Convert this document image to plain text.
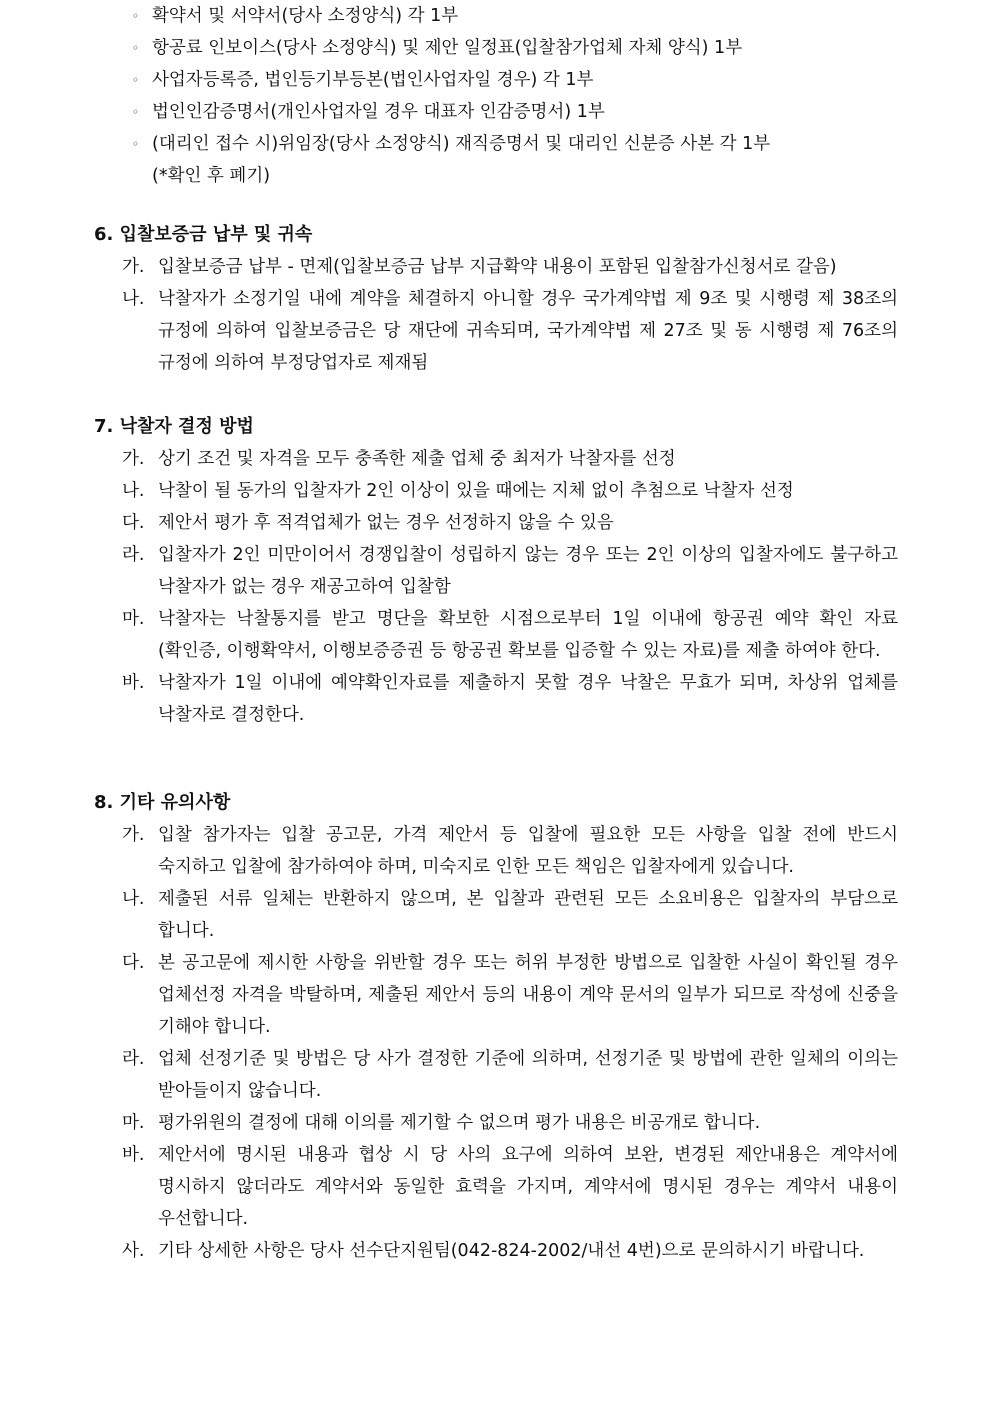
◦ 확약서 및 서약서(당사 소정양식) 각 1부
◦ 항공료 인보이스(당사 소정양식) 및 제안 일정표(입찰참가업체 자체 양식) 1부
◦ 사업자등록증, 법인등기부등본(법인사업자일 경우) 각 1부
◦ 법인인감증명서(개인사업자일 경우 대표자 인감증명서) 1부
◦ (대리인 접수 시)위임장(당사 소정양식) 재직증명서 및 대리인 신분증 사본 각 1부
(*확인 후 폐기)
6. 입찰보증금 납부 및 귀속
가. 입찰보증금 납부 - 면제(입찰보증금 납부 지급확약 내용이 포함된 입찰참가신청서로 갈음)
나. 낙찰자가 소정기일 내에 계약을 체결하지 아니할 경우 국가계약법 제 9조 및 시행령 제 38조의 규정에 의하여 입찰보증금은 당 재단에 귀속되며, 국가계약법 제 27조 및 동 시행령 제 76조의 규정에 의하여 부정당업자로 제재됨
7. 낙찰자 결정 방법
가. 상기 조건 및 자격을 모두 충족한 제출 업체 중 최저가 낙찰자를 선정
나. 낙찰이 될 동가의 입찰자가 2인 이상이 있을 때에는 지체 없이 추첨으로 낙찰자 선정
다. 제안서 평가 후 적격업체가 없는 경우 선정하지 않을 수 있음
라. 입찰자가 2인 미만이어서 경쟁입찰이 성립하지 않는 경우 또는 2인 이상의 입찰자에도 불구하고 낙찰자가 없는 경우 재공고하여 입찰함
마. 낙찰자는 낙찰통지를 받고 명단을 확보한 시점으로부터 1일 이내에 항공권 예약 확인 자료(확인증, 이행확약서, 이행보증증권 등 항공권 확보를 입증할 수 있는 자료)를 제출 하여야 한다.
바. 낙찰자가 1일 이내에 예약확인자료를 제출하지 못할 경우 낙찰은 무효가 되며, 차상위 업체를 낙찰자로 결정한다.
8. 기타 유의사항
가. 입찰 참가자는 입찰 공고문, 가격 제안서 등 입찰에 필요한 모든 사항을 입찰 전에 반드시 숙지하고 입찰에 참가하여야 하며, 미숙지로 인한 모든 책임은 입찰자에게 있습니다.
나. 제출된 서류 일체는 반환하지 않으며, 본 입찰과 관련된 모든 소요비용은 입찰자의 부담으로 합니다.
다. 본 공고문에 제시한 사항을 위반할 경우 또는 허위 부정한 방법으로 입찰한 사실이 확인될 경우 업체선정 자격을 박탈하며, 제출된 제안서 등의 내용이 계약 문서의 일부가 되므로 작성에 신중을 기해야 합니다.
라. 업체 선정기준 및 방법은 당 사가 결정한 기준에 의하며, 선정기준 및 방법에 관한 일체의 이의는 받아들이지 않습니다.
마. 평가위원의 결정에 대해 이의를 제기할 수 없으며 평가 내용은 비공개로 합니다.
바. 제안서에 명시된 내용과 협상 시 당 사의 요구에 의하여 보완, 변경된 제안내용은 계약서에 명시하지 않더라도 계약서와 동일한 효력을 가지며, 계약서에 명시된 경우는 계약서 내용이 우선합니다.
사. 기타 상세한 사항은 당사 선수단지원팀(042-824-2002/내선 4번)으로 문의하시기 바랍니다.
